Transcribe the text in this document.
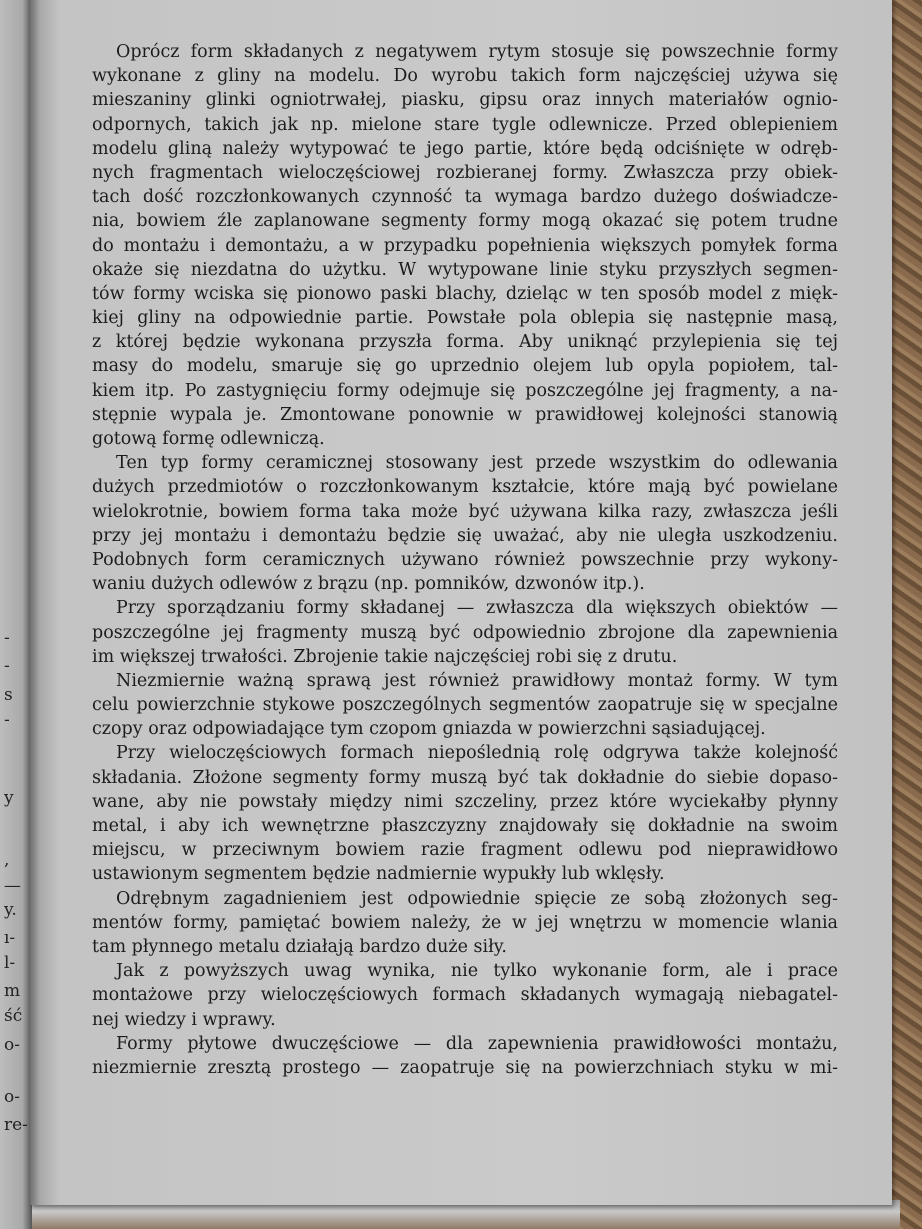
-
-
s
-
y
,
—
y.
ı-
l-
m
ść
o-
o-
re-
Oprócz form składanych z negatywem rytym stosuje się powszechnie formy
wykonane z gliny na modelu. Do wyrobu takich form najczęściej używa się
mieszaniny glinki ogniotrwałej, piasku, gipsu oraz innych materiałów ognio-
odpornych, takich jak np. mielone stare tygle odlewnicze. Przed oblepieniem
modelu gliną należy wytypować te jego partie, które będą odciśnięte w odręb-
nych fragmentach wieloczęściowej rozbieranej formy. Zwłaszcza przy obiek-
tach dość rozczłonkowanych czynność ta wymaga bardzo dużego doświadcze-
nia, bowiem źle zaplanowane segmenty formy mogą okazać się potem trudne
do montażu i demontażu, a w przypadku popełnienia większych pomyłek forma
okaże się niezdatna do użytku. W wytypowane linie styku przyszłych segmen-
tów formy wciska się pionowo paski blachy, dzieląc w ten sposób model z mięk-
kiej gliny na odpowiednie partie. Powstałe pola oblepia się następnie masą,
z której będzie wykonana przyszła forma. Aby uniknąć przylepienia się tej
masy do modelu, smaruje się go uprzednio olejem lub opyla popiołem, tal-
kiem itp. Po zastygnięciu formy odejmuje się poszczególne jej fragmenty, a na-
stępnie wypala je. Zmontowane ponownie w prawidłowej kolejności stanowią
gotową formę odlewniczą.
Ten typ formy ceramicznej stosowany jest przede wszystkim do odlewania
dużych przedmiotów o rozczłonkowanym kształcie, które mają być powielane
wielokrotnie, bowiem forma taka może być używana kilka razy, zwłaszcza jeśli
przy jej montażu i demontażu będzie się uważać, aby nie uległa uszkodzeniu.
Podobnych form ceramicznych używano również powszechnie przy wykony-
waniu dużych odlewów z brązu (np. pomników, dzwonów itp.).
Przy sporządzaniu formy składanej — zwłaszcza dla większych obiektów —
poszczególne jej fragmenty muszą być odpowiednio zbrojone dla zapewnienia
im większej trwałości. Zbrojenie takie najczęściej robi się z drutu.
Niezmiernie ważną sprawą jest również prawidłowy montaż formy. W tym
celu powierzchnie stykowe poszczególnych segmentów zaopatruje się w specjalne
czopy oraz odpowiadające tym czopom gniazda w powierzchni sąsiadującej.
Przy wieloczęściowych formach niepoślednią rolę odgrywa także kolejność
składania. Złożone segmenty formy muszą być tak dokładnie do siebie dopaso-
wane, aby nie powstały między nimi szczeliny, przez które wyciekałby płynny
metal, i aby ich wewnętrzne płaszczyzny znajdowały się dokładnie na swoim
miejscu, w przeciwnym bowiem razie fragment odlewu pod nieprawidłowo
ustawionym segmentem będzie nadmiernie wypukły lub wklęsły.
Odrębnym zagadnieniem jest odpowiednie spięcie ze sobą złożonych seg-
mentów formy, pamiętać bowiem należy, że w jej wnętrzu w momencie wlania
tam płynnego metalu działają bardzo duże siły.
Jak z powyższych uwag wynika, nie tylko wykonanie form, ale i prace
montażowe przy wieloczęściowych formach składanych wymagają niebagatel-
nej wiedzy i wprawy.
Formy płytowe dwuczęściowe — dla zapewnienia prawidłowości montażu,
niezmiernie zresztą prostego — zaopatruje się na powierzchniach styku w mi-
